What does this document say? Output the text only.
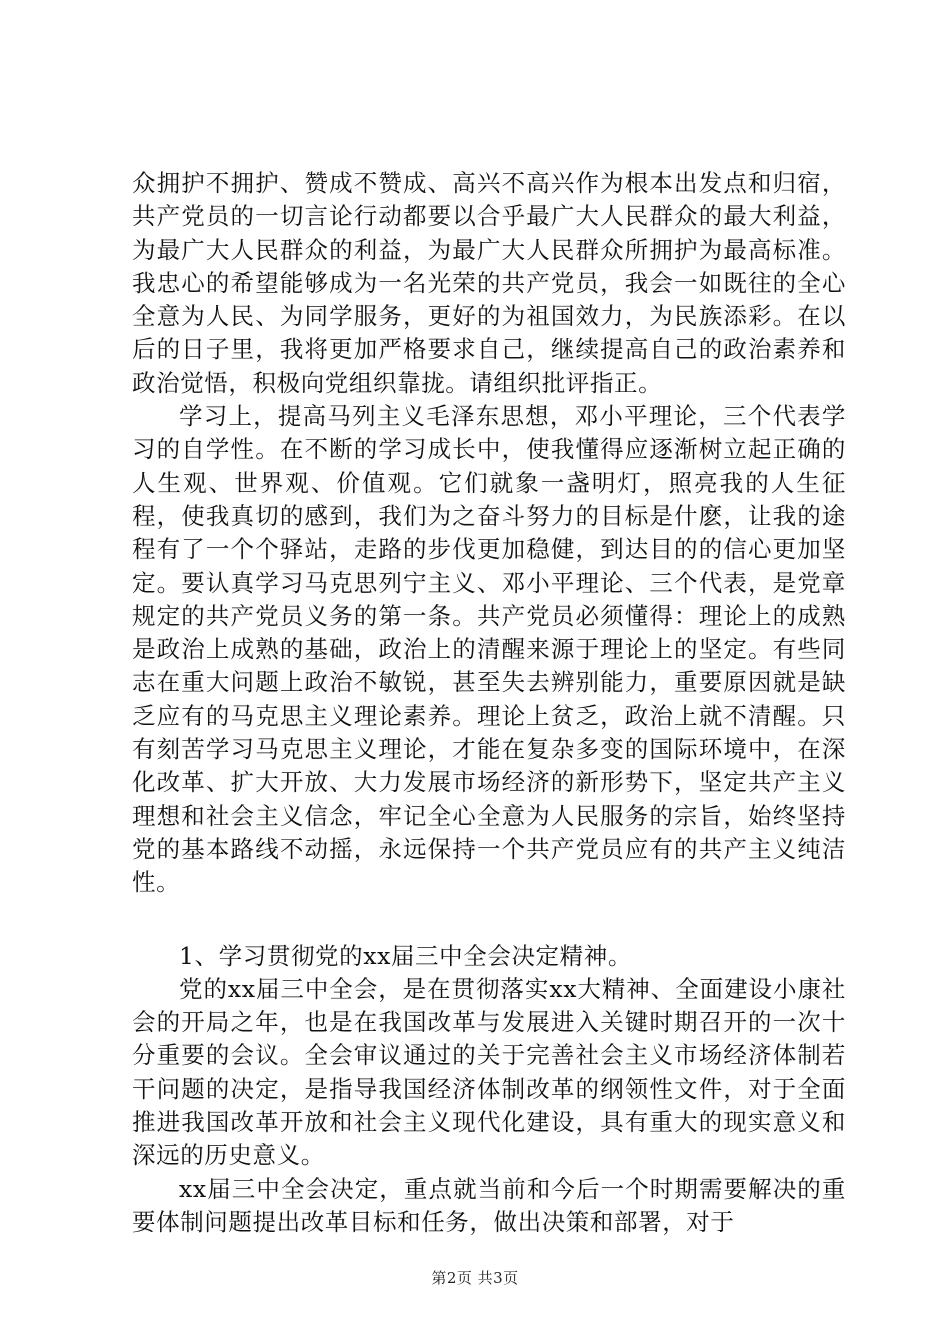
众拥护不拥护、赞成不赞成、高兴不高兴作为根本出发点和归宿，共产党员的一切言论行动都要以合乎最广大人民群众的最大利益，为最广大人民群众的利益，为最广大人民群众所拥护为最高标准。我忠心的希望能够成为一名光荣的共产党员，我会一如既往的全心全意为人民、为同学服务，更好的为祖国效力，为民族添彩。在以后的日子里，我将更加严格要求自己，继续提高自己的政治素养和政治觉悟，积极向党组织靠拢。请组织批评指正。

学习上，提高马列主义毛泽东思想，邓小平理论，三个代表学习的自学性。在不断的学习成长中，使我懂得应逐渐树立起正确的人生观、世界观、价值观。它们就象一盏明灯，照亮我的人生征程，使我真切的感到，我们为之奋斗努力的目标是什麽，让我的途程有了一个个驿站，走路的步伐更加稳健，到达目的的信心更加坚定。要认真学习马克思列宁主义、邓小平理论、三个代表，是党章规定的共产党员义务的第一条。共产党员必须懂得：理论上的成熟是政治上成熟的基础，政治上的清醒来源于理论上的坚定。有些同志在重大问题上政治不敏锐，甚至失去辨别能力，重要原因就是缺乏应有的马克思主义理论素养。理论上贫乏，政治上就不清醒。只有刻苦学习马克思主义理论，才能在复杂多变的国际环境中，在深化改革、扩大开放、大力发展市场经济的新形势下，坚定共产主义理想和社会主义信念，牢记全心全意为人民服务的宗旨，始终坚持党的基本路线不动摇，永远保持一个共产党员应有的共产主义纯洁性。

1、学习贯彻党的xx届三中全会决定精神。

党的xx届三中全会，是在贯彻落实xx大精神、全面建设小康社会的开局之年，也是在我国改革与发展进入关键时期召开的一次十分重要的会议。全会审议通过的关于完善社会主义市场经济体制若干问题的决定，是指导我国经济体制改革的纲领性文件，对于全面推进我国改革开放和社会主义现代化建设，具有重大的现实意义和深远的历史意义。

xx届三中全会决定，重点就当前和今后一个时期需要解决的重要体制问题提出改革目标和任务，做出决策和部署，对于

第2页 共3页
